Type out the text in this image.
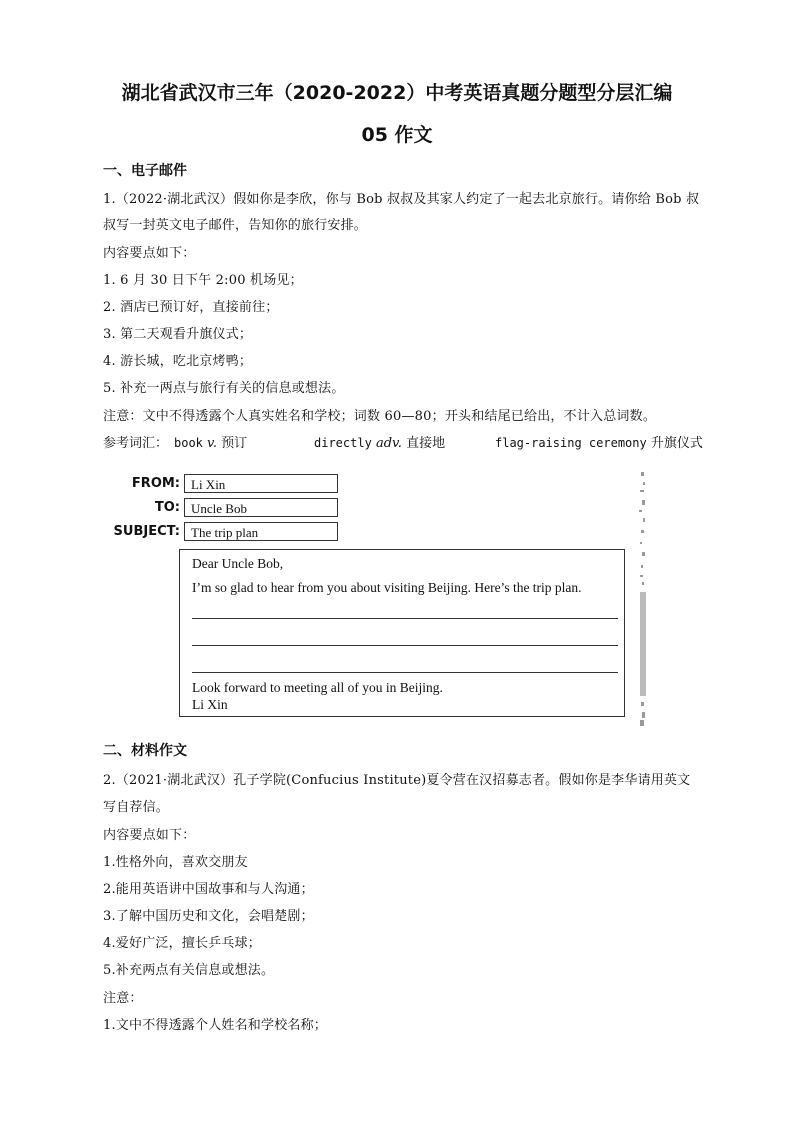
湖北省武汉市三年（2020-2022）中考英语真题分题型分层汇编
05 作文
一、电子邮件
1.（2022·湖北武汉）假如你是李欣，你与 Bob 叔叔及其家人约定了一起去北京旅行。请你给 Bob 叔
叔写一封英文电子邮件，告知你的旅行安排。
内容要点如下：
1. 6 月 30 日下午 2:00 机场见；
2. 酒店已预订好，直接前往；
3. 第二天观看升旗仪式；
4. 游长城，吃北京烤鸭；
5. 补充一两点与旅行有关的信息或想法。
注意：文中不得透露个人真实姓名和学校；词数 60—80；开头和结尾已给出，不计入总词数。
参考词汇： book v. 预订	directly adv. 直接地	flag-raising ceremony 升旗仪式
FROM: Li Xin
TO: Uncle Bob
SUBJECT: The trip plan
Dear Uncle Bob,
I’m so glad to hear from you about visiting Beijing. Here’s the trip plan.
Look forward to meeting all of you in Beijing.
Li Xin
二、材料作文
2.（2021·湖北武汉）孔子学院(Confucius Institute)夏令营在汉招募志者。假如你是李华请用英文
写自荐信。
内容要点如下：
1.性格外向，喜欢交朋友
2.能用英语讲中国故事和与人沟通；
3.了解中国历史和文化，会唱楚剧；
4.爱好广泛，擅长乒乓球；
5.补充两点有关信息或想法。
注意：
1.文中不得透露个人姓名和学校名称；
